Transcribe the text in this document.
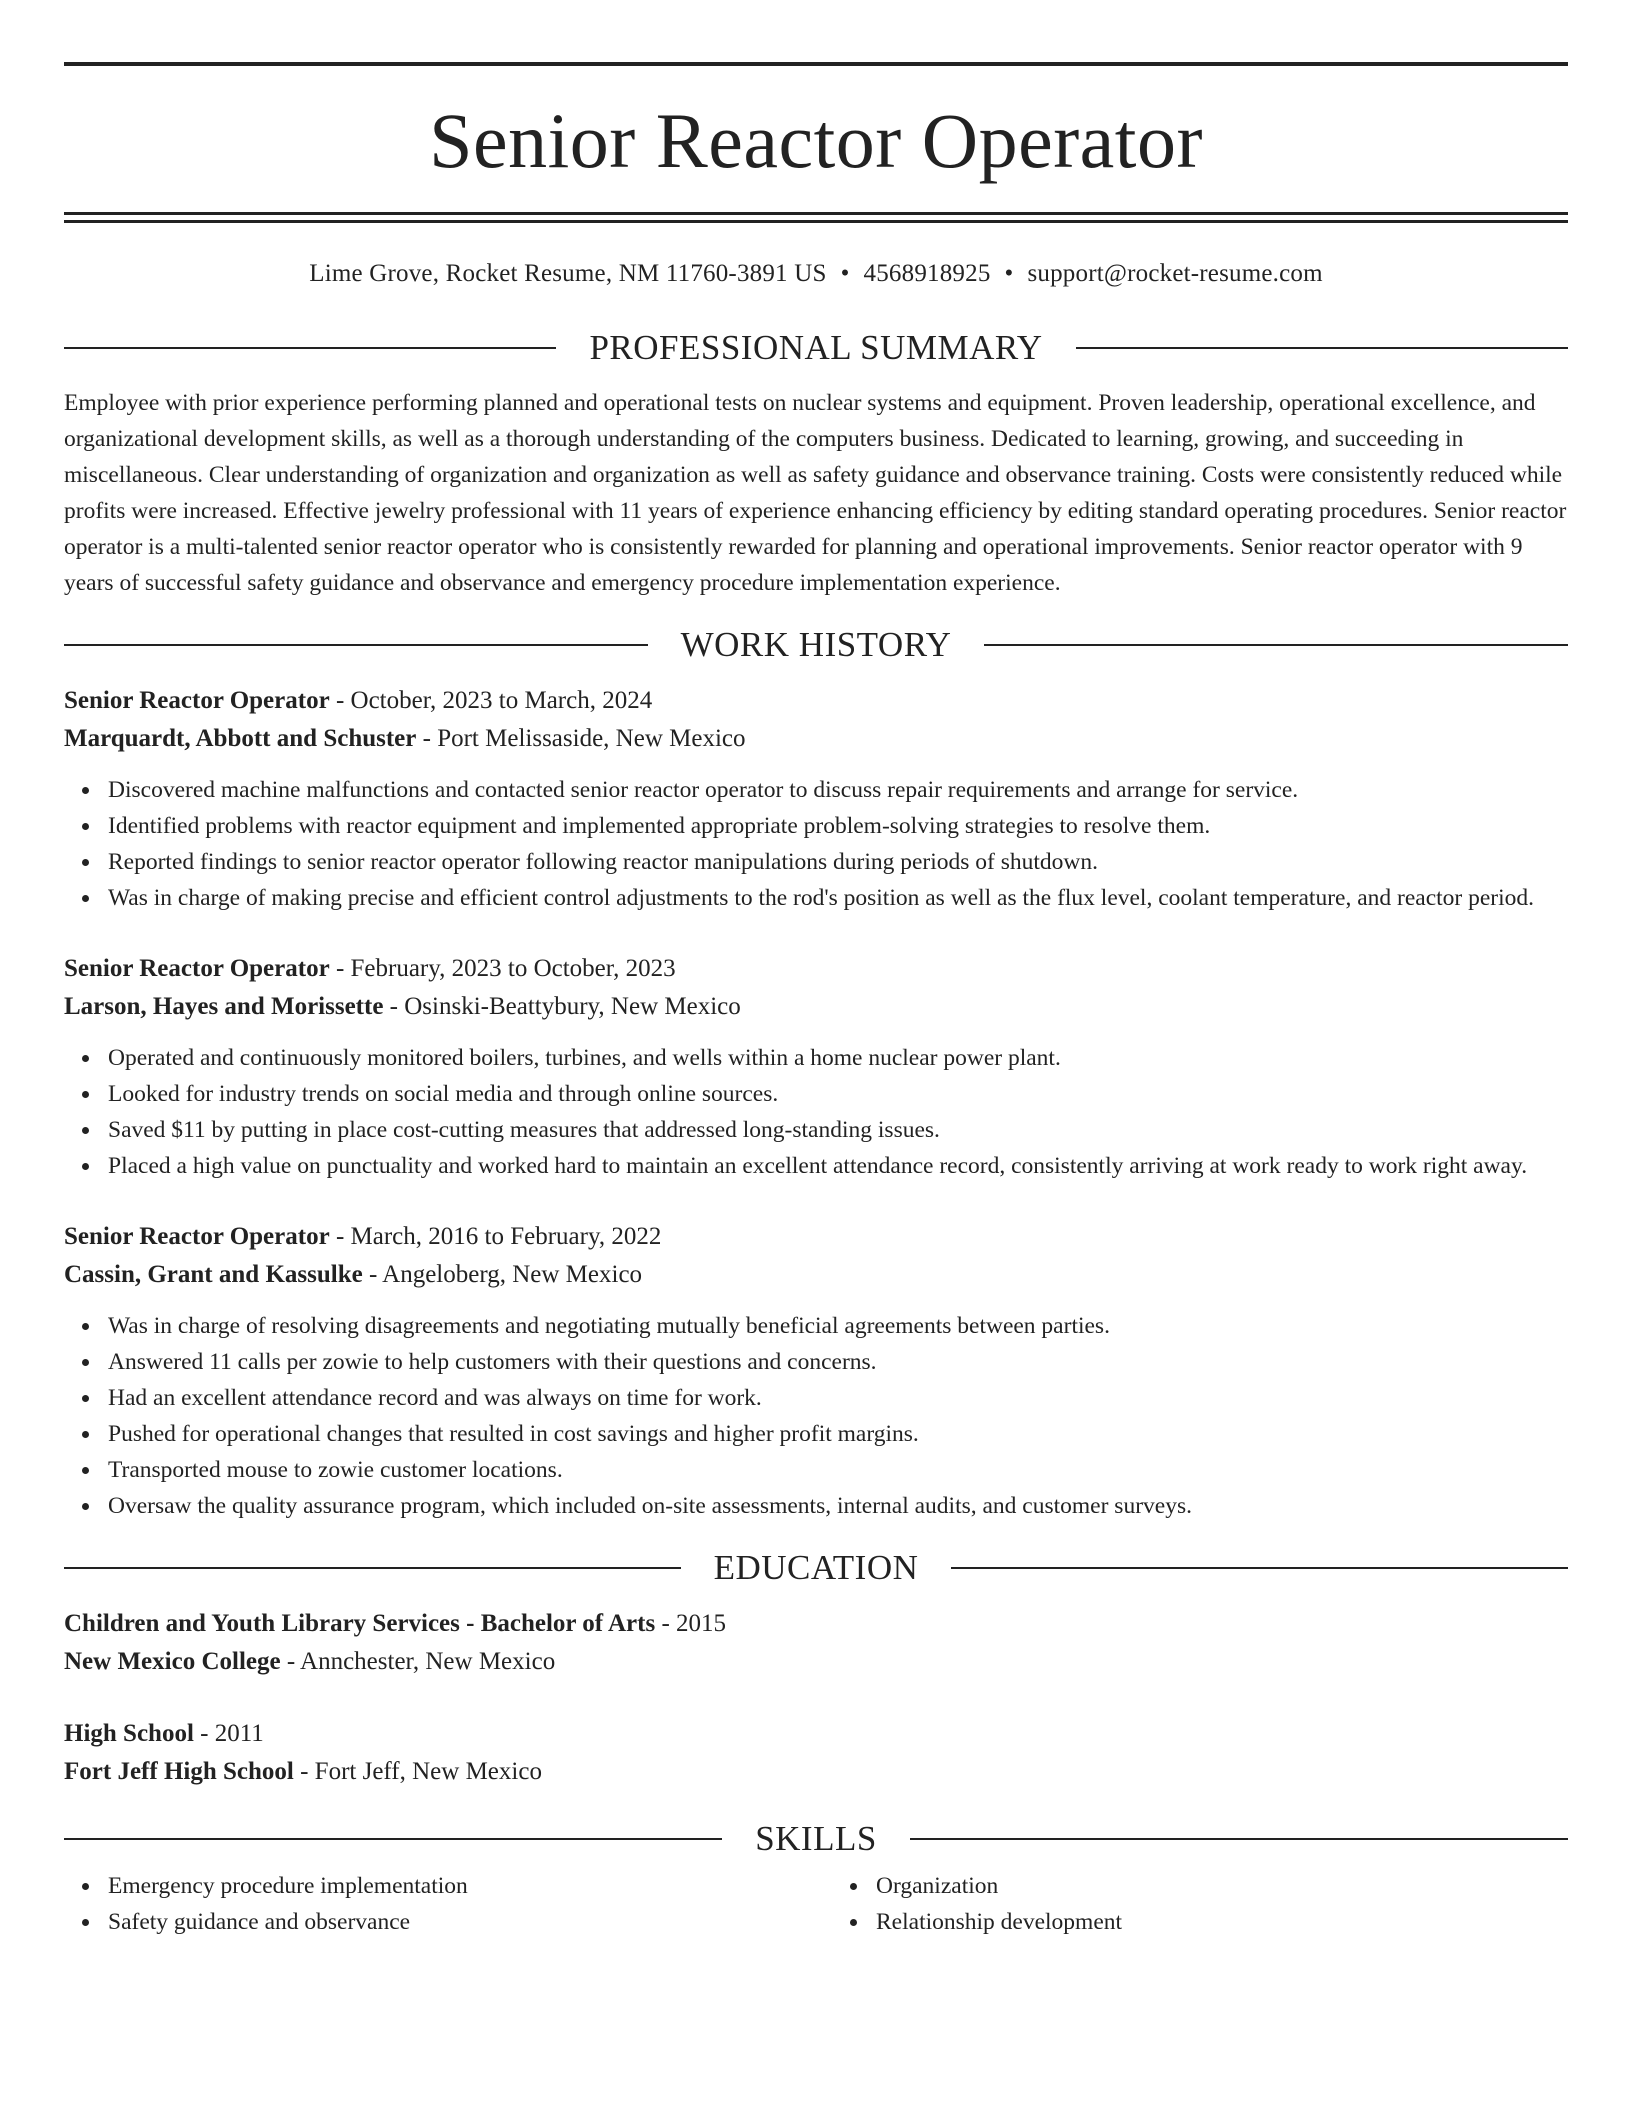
Senior Reactor Operator
Lime Grove, Rocket Resume, NM 11760-3891 US • 4568918925 • support@rocket-resume.com
PROFESSIONAL SUMMARY

Employee with prior experience performing planned and operational tests on nuclear systems and equipment. Proven leadership, operational excellence, and organizational development skills, as well as a thorough understanding of the computers business. Dedicated to learning, growing, and succeeding in miscellaneous. Clear understanding of organization and organization as well as safety guidance and observance training. Costs were consistently reduced while profits were increased. Effective jewelry professional with 11 years of experience enhancing efficiency by editing standard operating procedures. Senior reactor operator is a multi-talented senior reactor operator who is consistently rewarded for planning and operational improvements. Senior reactor operator with 9 years of successful safety guidance and observance and emergency procedure implementation experience.

WORK HISTORY
Senior Reactor Operator - October, 2023 to March, 2024
Marquardt, Abbott and Schuster - Port Melissaside, New Mexico
Discovered machine malfunctions and contacted senior reactor operator to discuss repair requirements and arrange for service.
Identified problems with reactor equipment and implemented appropriate problem-solving strategies to resolve them.
Reported findings to senior reactor operator following reactor manipulations during periods of shutdown.
Was in charge of making precise and efficient control adjustments to the rod's position as well as the flux level, coolant temperature, and reactor period.
Senior Reactor Operator - February, 2023 to October, 2023
Larson, Hayes and Morissette - Osinski-Beattybury, New Mexico
Operated and continuously monitored boilers, turbines, and wells within a home nuclear power plant.
Looked for industry trends on social media and through online sources.
Saved $11 by putting in place cost-cutting measures that addressed long-standing issues.
Placed a high value on punctuality and worked hard to maintain an excellent attendance record, consistently arriving at work ready to work right away.
Senior Reactor Operator - March, 2016 to February, 2022
Cassin, Grant and Kassulke - Angeloberg, New Mexico
Was in charge of resolving disagreements and negotiating mutually beneficial agreements between parties.
Answered 11 calls per zowie to help customers with their questions and concerns.
Had an excellent attendance record and was always on time for work.
Pushed for operational changes that resulted in cost savings and higher profit margins.
Transported mouse to zowie customer locations.
Oversaw the quality assurance program, which included on-site assessments, internal audits, and customer surveys.
EDUCATION
Children and Youth Library Services - Bachelor of Arts - 2015
New Mexico College - Annchester, New Mexico
High School - 2011
Fort Jeff High School - Fort Jeff, New Mexico
SKILLS
Emergency procedure implementation
Safety guidance and observance
Organization
Relationship development
